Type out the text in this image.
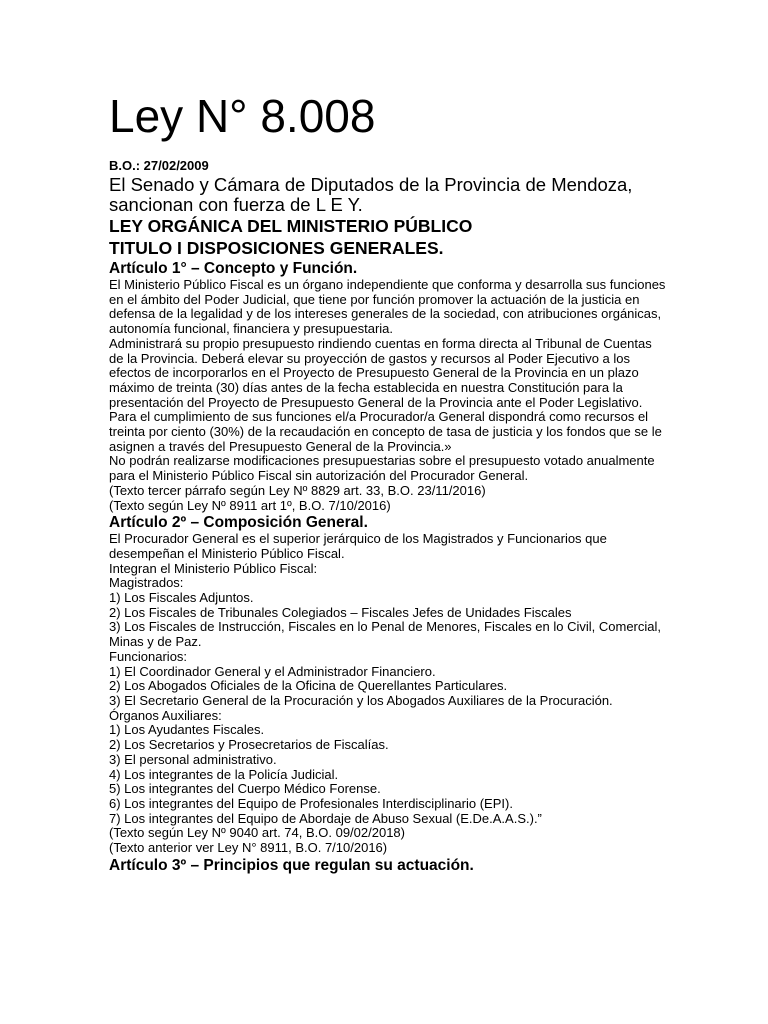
Ley N° 8.008

B.O.: 27/02/2009

El Senado y Cámara de Diputados de la Provincia de Mendoza,

sancionan con fuerza de L E Y.

LEY ORGÁNICA DEL MINISTERIO PÚBLICO

TITULO I DISPOSICIONES GENERALES.

Artículo 1° – Concepto y Función.

El Ministerio Público Fiscal es un órgano independiente que conforma y desarrolla sus funciones en el ámbito del Poder Judicial, que tiene por función promover la actuación de la justicia en defensa de la legalidad y de los intereses generales de la sociedad, con atribuciones orgánicas, autonomía funcional, financiera y presupuestaria.

Administrará su propio presupuesto rindiendo cuentas en forma directa al Tribunal de Cuentas de la Provincia. Deberá elevar su proyección de gastos y recursos al Poder Ejecutivo a los efectos de incorporarlos en el Proyecto de Presupuesto General de la Provincia en un plazo máximo de treinta (30) días antes de la fecha establecida en nuestra Constitución para la presentación del Proyecto de Presupuesto General de la Provincia ante el Poder Legislativo.

Para el cumplimiento de sus funciones el/a Procurador/a General dispondrá como recursos el treinta por ciento (30%) de la recaudación en concepto de tasa de justicia y los fondos que se le asignen a través del Presupuesto General de la Provincia.»

No podrán realizarse modificaciones presupuestarias sobre el presupuesto votado anualmente para el Ministerio Público Fiscal sin autorización del Procurador General.

(Texto tercer párrafo según Ley Nº 8829 art. 33, B.O. 23/11/2016)

(Texto según Ley Nº 8911 art 1º, B.O. 7/10/2016)

Artículo 2º – Composición General.

El Procurador General es el superior jerárquico de los Magistrados y Funcionarios que desempeñan el Ministerio Público Fiscal.

Integran el Ministerio Público Fiscal:

Magistrados:

1) Los Fiscales Adjuntos.

2) Los Fiscales de Tribunales Colegiados – Fiscales Jefes de Unidades Fiscales

3) Los Fiscales de Instrucción, Fiscales en lo Penal de Menores, Fiscales en lo Civil, Comercial, Minas y de Paz.

Funcionarios:

1) El Coordinador General y el Administrador Financiero.

2) Los Abogados Oficiales de la Oficina de Querellantes Particulares.

3) El Secretario General de la Procuración y los Abogados Auxiliares de la Procuración.

Órganos Auxiliares:

1) Los Ayudantes Fiscales.

2) Los Secretarios y Prosecretarios de Fiscalías.

3) El personal administrativo.

4) Los integrantes de la Policía Judicial.

5) Los integrantes del Cuerpo Médico Forense.

6) Los integrantes del Equipo de Profesionales Interdisciplinario (EPI).

7) Los integrantes del Equipo de Abordaje de Abuso Sexual (E.De.A.A.S.).”

(Texto según Ley Nº 9040 art. 74, B.O. 09/02/2018)

(Texto anterior ver Ley N° 8911, B.O. 7/10/2016)

Artículo 3º – Principios que regulan su actuación.
